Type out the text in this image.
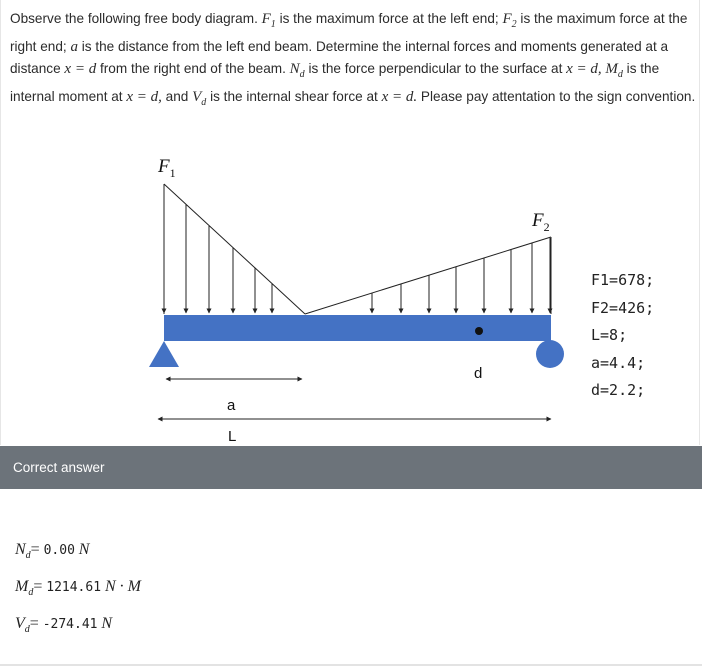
Observe the following free body diagram. $F_1$ is the maximum force at the left end; $F_2$ is the maximum force at the right end; a is the distance from the left end beam. Determine the internal forces and moments generated at a distance x = d from the right end of the beam. $N_d$ is the force perpendicular to the surface at x = d, $M_d$ is the internal moment at x = d, and $V_d$ is the internal shear force at x = d. Please pay attentation to the sign convention.

$F_1$
$F_2$
d
a
L
F1=678;
F2=426;
L=8;
a=4.4;
d=2.2;
Correct answer
$N_d= 0.00$ N
$M_d= 1214.61$ N · M
$V_d= -274.41$ N
